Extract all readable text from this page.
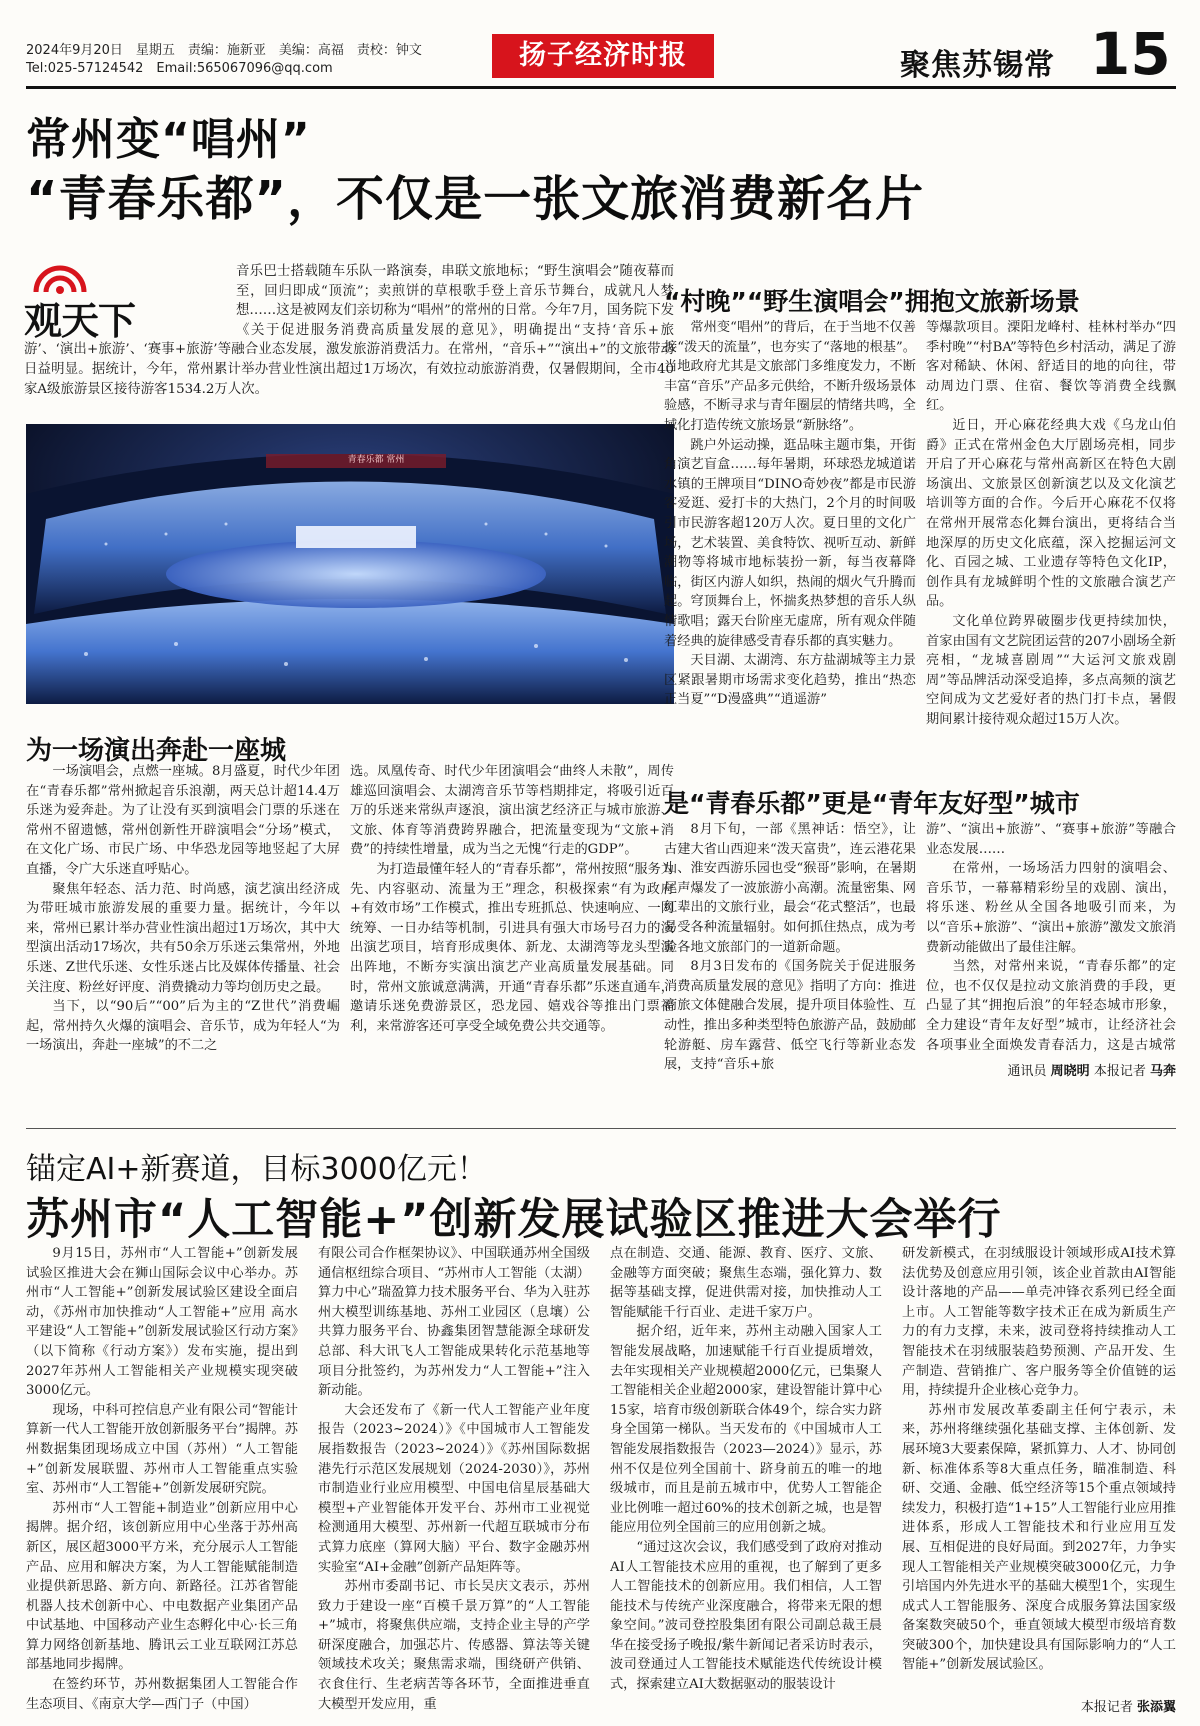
2024年9月20日　星期五　责编：施新亚　美编：高福　责校：钟文
Tel:025-57124542　Email:565067096@qq.com	扬子经济时报	聚焦苏锡常 15
常州变“唱州”
“青春乐都”，不仅是一张文旅消费新名片
观天下
音乐巴士搭载随车乐队一路演奏，串联文旅地标；“野生演唱会”随夜幕而至，回归即成“顶流”；卖煎饼的草根歌手登上音乐节舞台，成就凡人梦想……这是被网友们亲切称为“唱州”的常州的日常。今年7月，国务院下发《关于促进服务消费高质量发展的意见》，明确提出“支持‘音乐+旅游’、‘演出+旅游’、‘赛事+旅游’等融合业态发展，激发旅游消费活力。在常州，“音乐+”“演出+”的文旅带动日益明显。据统计，今年，常州累计举办营业性演出超过1万场次，有效拉动旅游消费，仅暑假期间，全市40家A级旅游景区接待游客1534.2万人次。
青春乐都 常州
为一场演出奔赴一座城

一场演唱会，点燃一座城。8月盛夏，时代少年团在“青春乐都”常州掀起音乐浪潮，两天总计超14.4万乐迷为爱奔赴。为了让没有买到演唱会门票的乐迷在常州不留遗憾，常州创新性开辟演唱会“分场”模式，在文化广场、市民广场、中华恐龙园等地竖起了大屏直播，令广大乐迷直呼贴心。

聚焦年轻态、活力范、时尚感，演艺演出经济成为带旺城市旅游发展的重要力量。据统计，今年以来，常州已累计举办营业性演出超过1万场次，其中大型演出活动17场次，共有50余万乐迷云集常州，外地乐迷、Z世代乐迷、女性乐迷占比及媒体传播量、社会关注度、粉丝好评度、消费撬动力等均创历史之最。

当下，以“90后”“00”后为主的“Z世代”消费崛起，常州持久火爆的演唱会、音乐节，成为年轻人“为一场演出，奔赴一座城”的不二之

选。凤凰传奇、时代少年团演唱会“曲终人未散”，周传雄巡回演唱会、太湖湾音乐节等档期排定，将吸引近百万的乐迷来常纵声逐浪，演出演艺经济正与城市旅游、文旅、体育等消费跨界融合，把流量变现为“文旅+消费”的持续性增量，成为当之无愧“行走的GDP”。

为打造最懂年轻人的“青春乐都”，常州按照“服务为先、内容驱动、流量为王”理念，积极探索“有为政府+有效市场”工作模式，推出专班抓总、快速响应、一网统筹、一日办结等机制，引进具有强大市场号召力的演出演艺项目，培育形成奥体、新龙、太湖湾等龙头型演出阵地，不断夯实演出演艺产业高质量发展基础。同时，常州文旅诚意满满，开通“青春乐都”乐迷直通车，邀请乐迷免费游景区，恐龙园、嬉戏谷等推出门票福利，来常游客还可享受全域免费公共交通等。

“村晚”“野生演唱会”拥抱文旅新场景

常州变“唱州”的背后，在于当地不仅善接“泼天的流量”，也夯实了“落地的根基”。当地政府尤其是文旅部门多维度发力，不断丰富“音乐”产品多元供给，不断升级场景体验感，不断寻求与青年圈层的情绪共鸣，全域化打造传统文旅场景“新脉络”。

跳户外运动操，逛品味主题市集，开街角演艺盲盒……每年暑期，环球恐龙城道诺水镇的王牌项目“DINO奇妙夜”都是市民游客爱逛、爱打卡的大热门，2个月的时间吸引市民游客超120万人次。夏日里的文化广场，艺术装置、美食特饮、视听互动、新鲜潮物等将城市地标装扮一新，每当夜幕降临，街区内游人如织，热闹的烟火气升腾而起。穹顶舞台上，怀揣炙热梦想的音乐人纵情歌唱；露天台阶座无虚席，所有观众伴随着经典的旋律感受青春乐都的真实魅力。

天目湖、太湖湾、东方盐湖城等主力景区紧跟暑期市场需求变化趋势，推出“热恋正当夏”“D漫盛典”“逍遥游”

等爆款项目。溧阳龙峰村、桂林村举办“四季村晚”“村BA”等特色乡村活动，满足了游客对稀缺、休闲、舒适目的地的向往，带动周边门票、住宿、餐饮等消费全线飘红。

近日，开心麻花经典大戏《乌龙山伯爵》正式在常州金色大厅剧场亮相，同步开启了开心麻花与常州高新区在特色大剧场演出、文旅景区创新演艺以及文化演艺培训等方面的合作。今后开心麻花不仅将在常州开展常态化舞台演出，更将结合当地深厚的历史文化底蕴，深入挖掘运河文化、百园之城、工业遗存等特色文化IP，创作具有龙城鲜明个性的文旅融合演艺产品。

文化单位跨界破圈步伐更持续加快，首家由国有文艺院团运营的207小剧场全新亮相，“龙城喜剧周”“大运河文旅戏剧周”等品牌活动深受追捧，多点高频的演艺空间成为文艺爱好者的热门打卡点，暑假期间累计接待观众超过15万人次。

是“青春乐都”更是“青年友好型”城市

8月下旬，一部《黑神话：悟空》，让古建大省山西迎来“泼天富贵”，连云港花果山、淮安西游乐园也受“猴哥”影响，在暑期尾声爆发了一波旅游小高潮。流量密集、网红辈出的文旅行业，最会“花式整活”，也最易受各种流量辐射。如何抓住热点，成为考验各地文旅部门的一道新命题。

8月3日发布的《国务院关于促进服务消费高质量发展的意见》指明了方向：推进商旅文体健融合发展，提升项目体验性、互动性，推出多种类型特色旅游产品，鼓励邮轮游艇、房车露营、低空飞行等新业态发展，支持“音乐+旅

游”、“演出+旅游”、“赛事+旅游”等融合业态发展……

在常州，一场场活力四射的演唱会、音乐节，一幕幕精彩纷呈的戏剧、演出，将乐迷、粉丝从全国各地吸引而来，为以“音乐+旅游”、“演出+旅游”激发文旅消费新动能做出了最佳注解。

当然，对常州来说，“青春乐都”的定位，也不仅仅是拉动文旅消费的手段，更凸显了其“拥抱后浪”的年轻态城市形象，全力建设“青年友好型”城市，让经济社会各项事业全面焕发青春活力，这是古城常

通讯员 周晓明 本报记者 马奔
锚定AI+新赛道，目标3000亿元！
苏州市“人工智能+”创新发展试验区推进大会举行

9月15日，苏州市“人工智能+”创新发展试验区推进大会在狮山国际会议中心举办。苏州市“人工智能+”创新发展试验区建设全面启动，《苏州市加快推动“人工智能+”应用 高水平建设“人工智能+”创新发展试验区行动方案》（以下简称《行动方案》）发布实施，提出到2027年苏州人工智能相关产业规模实现突破3000亿元。

现场，中科可控信息产业有限公司“智能计算新一代人工智能开放创新服务平台”揭牌。苏州数据集团现场成立中国（苏州）“人工智能+”创新发展联盟、苏州市人工智能重点实验室、苏州市“人工智能+”创新发展研究院。

苏州市“人工智能+制造业”创新应用中心揭牌。据介绍，该创新应用中心坐落于苏州高新区，展区超3000平方米，充分展示人工智能产品、应用和解决方案，为人工智能赋能制造业提供新思路、新方向、新路径。江苏省智能机器人技术创新中心、中电数据产业集团产品中试基地、中国移动产业生态孵化中心·长三角算力网络创新基地、腾讯云工业互联网江苏总部基地同步揭牌。

在签约环节，苏州数据集团人工智能合作生态项目、《南京大学—西门子（中国）

有限公司合作框架协议》、中国联通苏州全国级通信枢纽综合项目、“苏州市人工智能（太湖）算力中心”瑞盈算力技术服务平台、华为入驻苏州大模型训练基地、苏州工业园区（息壤）公共算力服务平台、协鑫集团智慧能源全球研发总部、科大讯飞人工智能成果转化示范基地等项目分批签约，为苏州发力“人工智能+”注入新动能。

大会还发布了《新一代人工智能产业年度报告（2023~2024）》《中国城市人工智能发展指数报告（2023~2024）》《苏州国际数据港先行示范区发展规划（2024-2030）》，苏州市制造业行业应用模型、中国电信星辰基础大模型+产业智能体开发平台、苏州市工业视觉检测通用大模型、苏州新一代超互联城市分布式算力底座（算网大脑）平台、数字金融苏州实验室“AI+金融”创新产品矩阵等。

苏州市委副书记、市长吴庆文表示，苏州致力于建设一座“百模千景万算”的“人工智能+”城市，将聚焦供应端，支持企业主导的产学研深度融合，加强芯片、传感器、算法等关键领域技术攻关；聚焦需求端，围绕研产供销、衣食住行、生老病苦等各环节，全面推进垂直大模型开发应用，重

点在制造、交通、能源、教育、医疗、文旅、金融等方面突破；聚焦生态端，强化算力、数据等基础支撑，促进供需对接，加快推动人工智能赋能千行百业、走进千家万户。

据介绍，近年来，苏州主动融入国家人工智能发展战略，加速赋能千行百业提质增效，去年实现相关产业规模超2000亿元，已集聚人工智能相关企业超2000家，建设智能计算中心15家，培育市级创新联合体49个，综合实力跻身全国第一梯队。当天发布的《中国城市人工智能发展指数报告（2023—2024）》显示，苏州不仅是位列全国前十、跻身前五的唯一的地级城市，而且是前五城市中，优势人工智能企业比例唯一超过60%的技术创新之城，也是智能应用位列全国前三的应用创新之城。

“通过这次会议，我们感受到了政府对推动AI人工智能技术应用的重视，也了解到了更多人工智能技术的创新应用。我们相信，人工智能技术与传统产业深度融合，将带来无限的想象空间。”波司登控股集团有限公司副总裁王晨华在接受扬子晚报/紫牛新闻记者采访时表示，波司登通过人工智能技术赋能迭代传统设计模式，探索建立AI大数据驱动的服装设计

研发新模式，在羽绒服设计领域形成AI技术算法优势及创意应用引领，该企业首款由AI智能设计落地的产品——单壳冲锋衣系列已经全面上市。人工智能等数字技术正在成为新质生产力的有力支撑，未来，波司登将持续推动人工智能技术在羽绒服装趋势预测、产品开发、生产制造、营销推广、客户服务等全价值链的运用，持续提升企业核心竞争力。

苏州市发展改革委副主任何宁表示，未来，苏州将继续强化基础支撑、主体创新、发展环境3大要素保障，紧抓算力、人才、协同创新、标准体系等8大重点任务，瞄准制造、科研、交通、金融、低空经济等15个重点领域持续发力，积极打造“1+15”人工智能行业应用推进体系，形成人工智能技术和行业应用互发展、互相促进的良好局面。到2027年，力争实现人工智能相关产业规模突破3000亿元，力争引培国内外先进水平的基础大模型1个，实现生成式人工智能服务、深度合成服务算法国家级备案数突破50个，垂直领域大模型市级培育数突破300个，加快建设具有国际影响力的“人工智能+”创新发展试验区。

本报记者 张添翼
